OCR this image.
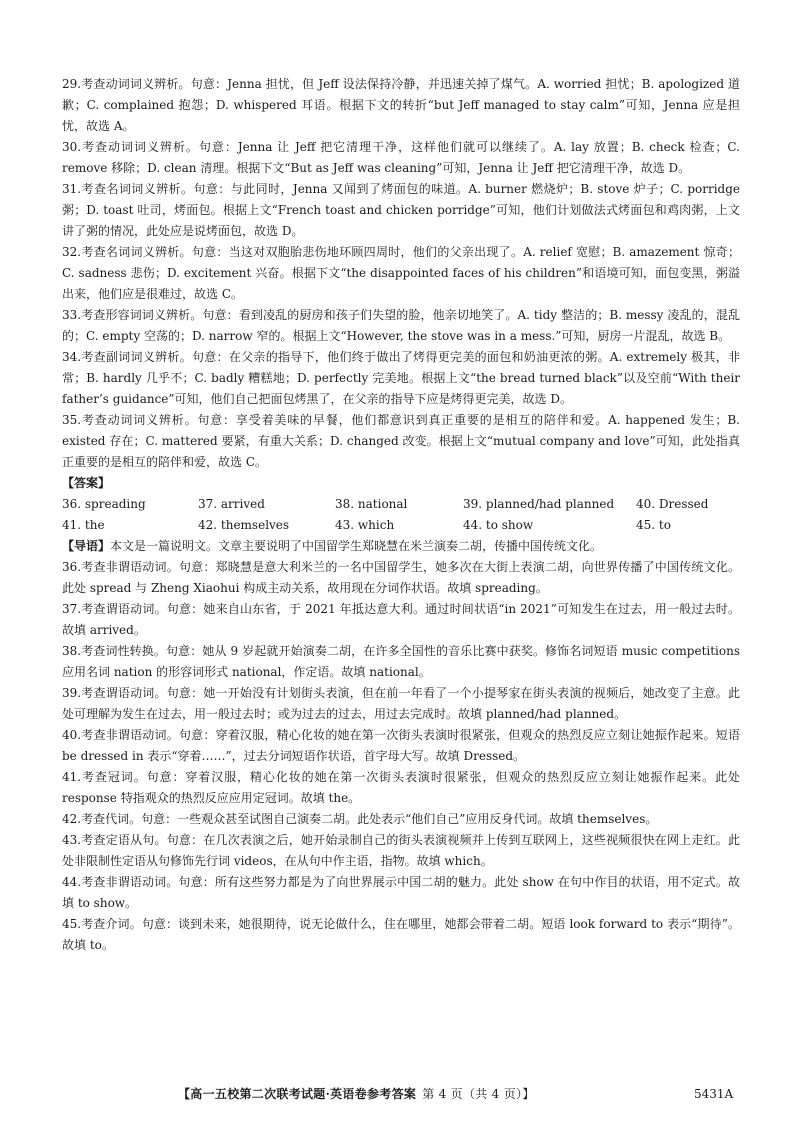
29.考查动词词义辨析。句意：Jenna 担忧，但 Jeff 设法保持冷静，并迅速关掉了煤气。A. worried 担忧；B. apologized 道歉；C. complained 抱怨；D. whispered 耳语。根据下文的转折“but Jeff managed to stay calm”可知，Jenna 应是担忧，故选 A。
30.考查动词词义辨析。句意：Jenna 让 Jeff 把它清理干净，这样他们就可以继续了。A. lay 放置；B. check 检查；C. remove 移除；D. clean 清理。根据下文“But as Jeff was cleaning”可知，Jenna 让 Jeff 把它清理干净，故选 D。
31.考查名词词义辨析。句意：与此同时，Jenna 又闻到了烤面包的味道。A. burner 燃烧炉；B. stove 炉子；C. porridge 粥；D. toast 吐司，烤面包。根据上文“French toast and chicken porridge”可知，他们计划做法式烤面包和鸡肉粥，上文讲了粥的情况，此处应是说烤面包，故选 D。
32.考查名词词义辨析。句意：当这对双胞胎悲伤地环顾四周时，他们的父亲出现了。A. relief 宽慰；B. amazement 惊奇；C. sadness 悲伤；D. excitement 兴奋。根据下文“the disappointed faces of his children”和语境可知，面包变黑，粥溢出来，他们应是很难过，故选 C。
33.考查形容词词义辨析。句意：看到凌乱的厨房和孩子们失望的脸，他亲切地笑了。A. tidy 整洁的；B. messy 凌乱的，混乱的；C. empty 空荡的；D. narrow 窄的。根据上文“However, the stove was in a mess.”可知，厨房一片混乱，故选 B。
34.考查副词词义辨析。句意：在父亲的指导下，他们终于做出了烤得更完美的面包和奶油更浓的粥。A. extremely 极其，非常；B. hardly 几乎不；C. badly 糟糕地；D. perfectly 完美地。根据上文“the bread turned black”以及空前“With their father’s guidance”可知，他们自己把面包烤黑了，在父亲的指导下应是烤得更完美，故选 D。
35.考查动词词义辨析。句意：享受着美味的早餐，他们都意识到真正重要的是相互的陪伴和爱。A. happened 发生；B. existed 存在；C. mattered 要紧，有重大关系；D. changed 改变。根据上文“mutual company and love”可知，此处指真正重要的是相互的陪伴和爱，故选 C。
【答案】
36. spreading	37. arrived	38. national	39. planned/had planned	40. Dressed
41. the	42. themselves	43. which	44. to show	45. to
【导语】本文是一篇说明文。文章主要说明了中国留学生郑晓慧在米兰演奏二胡，传播中国传统文化。
36.考查非谓语动词。句意：郑晓慧是意大利米兰的一名中国留学生，她多次在大街上表演二胡，向世界传播了中国传统文化。此处 spread 与 Zheng Xiaohui 构成主动关系，故用现在分词作状语。故填 spreading。
37.考查谓语动词。句意：她来自山东省，于 2021 年抵达意大利。通过时间状语“in 2021”可知发生在过去，用一般过去时。故填 arrived。
38.考查词性转换。句意：她从 9 岁起就开始演奏二胡，在许多全国性的音乐比赛中获奖。修饰名词短语 music competitions 应用名词 nation 的形容词形式 national，作定语。故填 national。
39.考查谓语动词。句意：她一开始没有计划街头表演，但在前一年看了一个小提琴家在街头表演的视频后，她改变了主意。此处可理解为发生在过去，用一般过去时；或为过去的过去，用过去完成时。故填 planned/had planned。
40.考查非谓语动词。句意：穿着汉服，精心化妆的她在第一次街头表演时很紧张，但观众的热烈反应立刻让她振作起来。短语 be dressed in 表示“穿着……”，过去分词短语作状语，首字母大写。故填 Dressed。
41.考查冠词。句意：穿着汉服，精心化妆的她在第一次街头表演时很紧张，但观众的热烈反应立刻让她振作起来。此处 response 特指观众的热烈反应应用定冠词。故填 the。
42.考查代词。句意：一些观众甚至试图自己演奏二胡。此处表示“他们自己”应用反身代词。故填 themselves。
43.考查定语从句。句意：在几次表演之后，她开始录制自己的街头表演视频并上传到互联网上，这些视频很快在网上走红。此处非限制性定语从句修饰先行词 videos，在从句中作主语，指物。故填 which。
44.考查非谓语动词。句意：所有这些努力都是为了向世界展示中国二胡的魅力。此处 show 在句中作目的状语，用不定式。故填 to show。
45.考查介词。句意：谈到未来，她很期待，说无论做什么，住在哪里，她都会带着二胡。短语 look forward to 表示“期待”。故填 to。
【高一五校第二次联考试题·英语卷参考答案 第 4 页（共 4 页）】	5431A
